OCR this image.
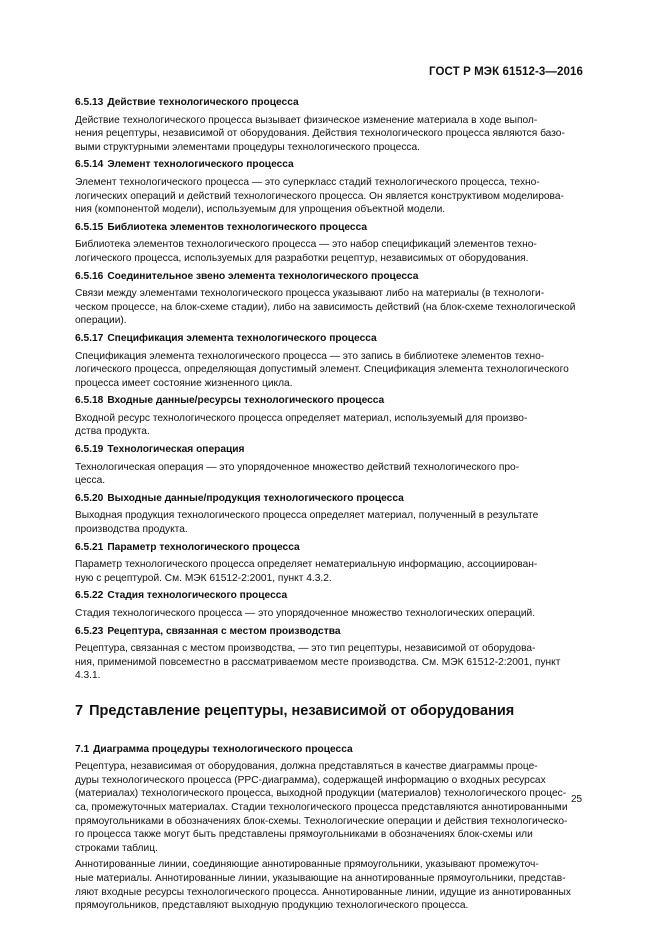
ГОСТ Р МЭК 61512-3—2016
6.5.13 Действие технологического процесса
Действие технологического процесса вызывает физическое изменение материала в ходе выпол-
нения рецептуры, независимой от оборудования. Действия технологического процесса являются базо-
выми структурными элементами процедуры технологического процесса.
6.5.14 Элемент технологического процесса
Элемент технологического процесса — это суперкласс стадий технологического процесса, техно-
логических операций и действий технологического процесса. Он является конструктивом моделирова-
ния (компонентой модели), используемым для упрощения объектной модели.
6.5.15 Библиотека элементов технологического процесса
Библиотека элементов технологического процесса — это набор спецификаций элементов техно-
логического процесса, используемых для разработки рецептур, независимых от оборудования.
6.5.16 Соединительное звено элемента технологического процесса
Связи между элементами технологического процесса указывают либо на материалы (в технологи-
ческом процессе, на блок-схеме стадии), либо на зависимость действий (на блок-схеме технологической
операции).
6.5.17 Спецификация элемента технологического процесса
Спецификация элемента технологического процесса — это запись в библиотеке элементов техно-
логического процесса, определяющая допустимый элемент. Спецификация элемента технологического
процесса имеет состояние жизненного цикла.
6.5.18 Входные данные/ресурсы технологического процесса
Входной ресурс технологического процесса определяет материал, используемый для произво-
дства продукта.
6.5.19 Технологическая операция
Технологическая операция — это упорядоченное множество действий технологического про-
цесса.
6.5.20 Выходные данные/продукция технологического процесса
Выходная продукция технологического процесса определяет материал, полученный в результате
производства продукта.
6.5.21 Параметр технологического процесса
Параметр технологического процесса определяет нематериальную информацию, ассоциирован-
ную с рецептурой. См. МЭК 61512-2:2001, пункт 4.3.2.
6.5.22 Стадия технологического процесса
Стадия технологического процесса — это упорядоченное множество технологических операций.
6.5.23 Рецептура, связанная с местом производства
Рецептура, связанная с местом производства, — это тип рецептуры, независимой от оборудова-
ния, применимой повсеместно в рассматриваемом месте производства. См. МЭК 61512-2:2001, пункт
4.3.1.
7 Представление рецептуры, независимой от оборудования
7.1 Диаграмма процедуры технологического процесса
Рецептура, независимая от оборудования, должна представляться в качестве диаграммы проце-
дуры технологического процесса (PPC-диаграмма), содержащей информацию о входных ресурсах
(материалах) технологического процесса, выходной продукции (материалов) технологического процес-
са, промежуточных материалах. Стадии технологического процесса представляются аннотированными
прямоугольниками в обозначениях блок-схемы. Технологические операции и действия технологическо-
го процесса также могут быть представлены прямоугольниками в обозначениях блок-схемы или
строками таблиц.
Аннотированные линии, соединяющие аннотированные прямоугольники, указывают промежуточ-
ные материалы. Аннотированные линии, указывающие на аннотированные прямоугольники, представ-
ляют входные ресурсы технологического процесса. Аннотированные линии, идущие из аннотированных
прямоугольников, представляют выходную продукцию технологического процесса.
25
